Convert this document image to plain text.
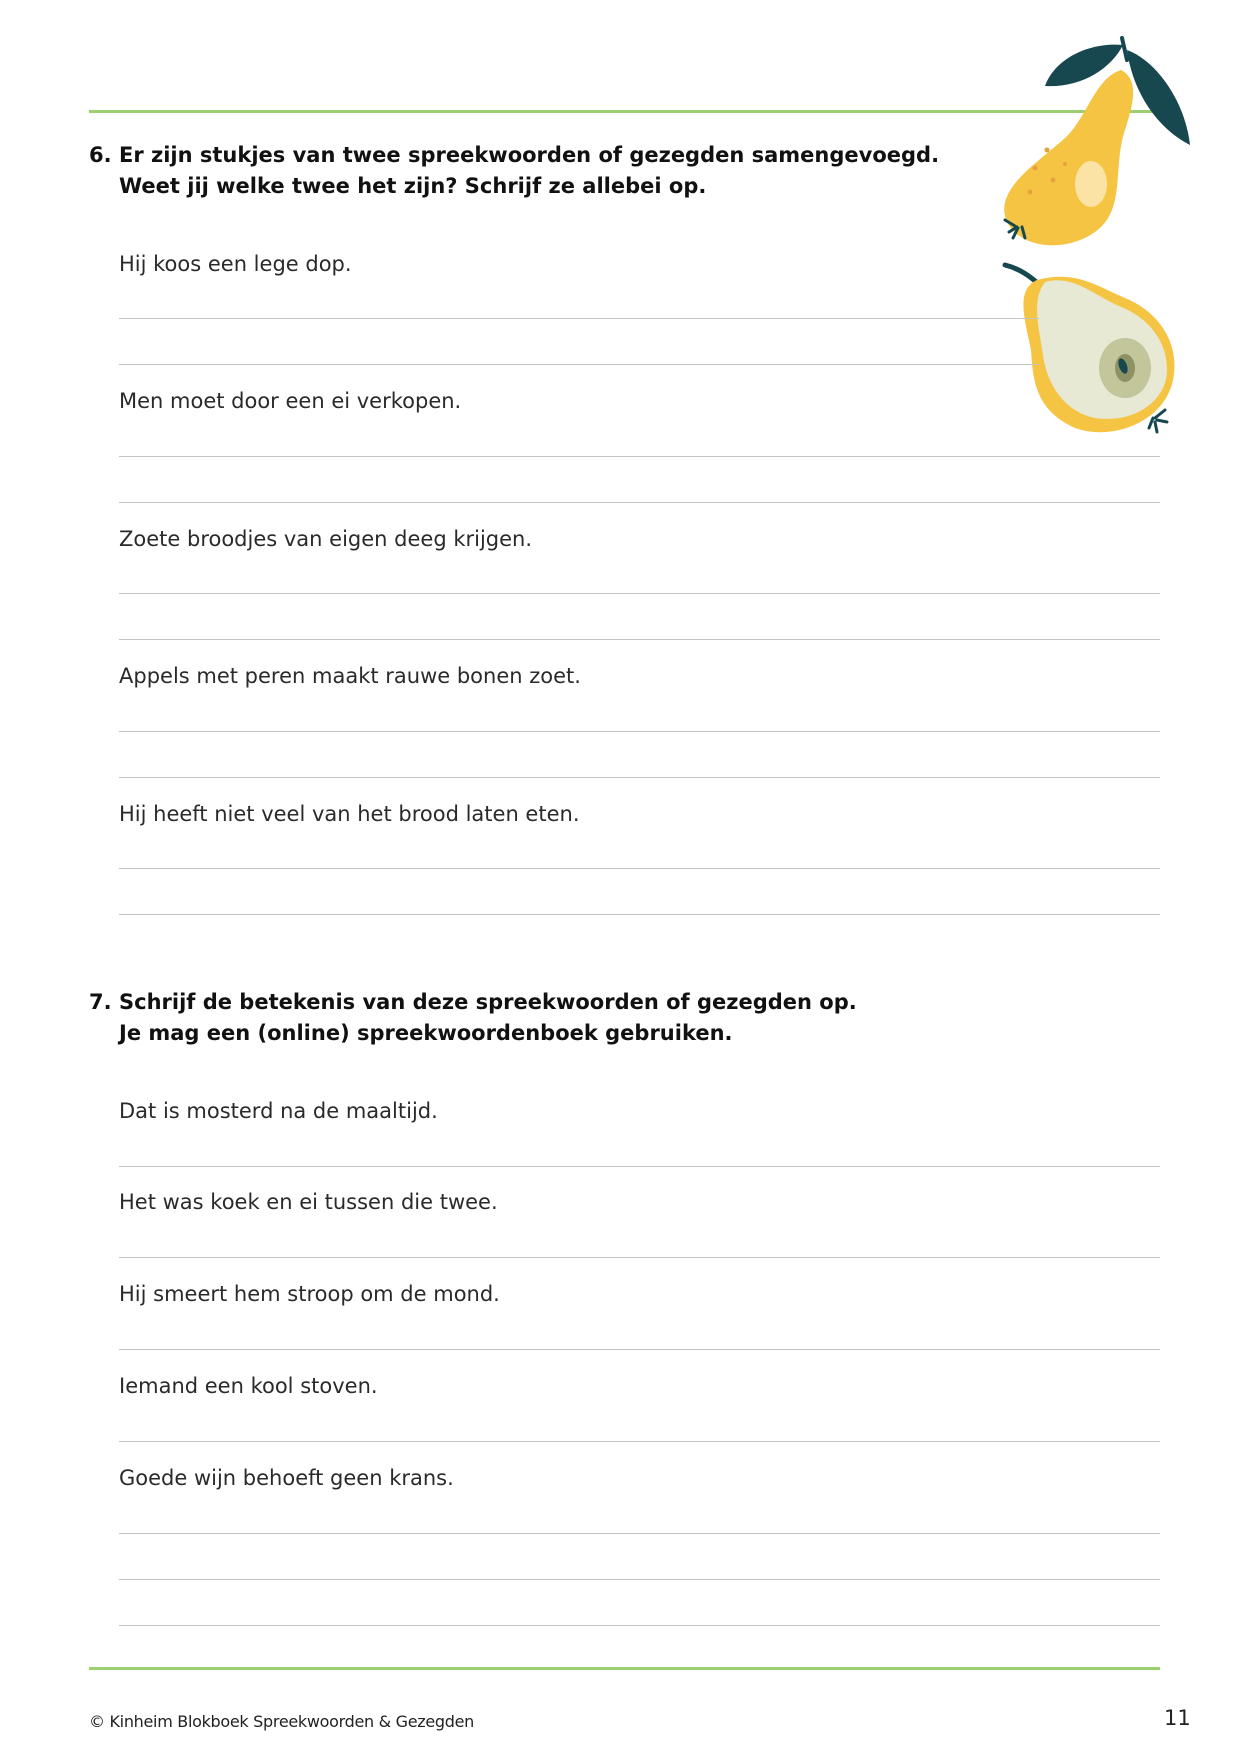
6. Er zijn stukjes van twee spreekwoorden of gezegden samengevoegd.
Weet jij welke twee het zijn? Schrijf ze allebei op.
Hij koos een lege dop.
Men moet door een ei verkopen.
Zoete broodjes van eigen deeg krijgen.
Appels met peren maakt rauwe bonen zoet.
Hij heeft niet veel van het brood laten eten.
7. Schrijf de betekenis van deze spreekwoorden of gezegden op.
Je mag een (online) spreekwoordenboek gebruiken.
Dat is mosterd na de maaltijd.
Het was koek en ei tussen die twee.
Hij smeert hem stroop om de mond.
Iemand een kool stoven.
Goede wijn behoeft geen krans.
© Kinheim Blokboek Spreekwoorden & Gezegden	11
